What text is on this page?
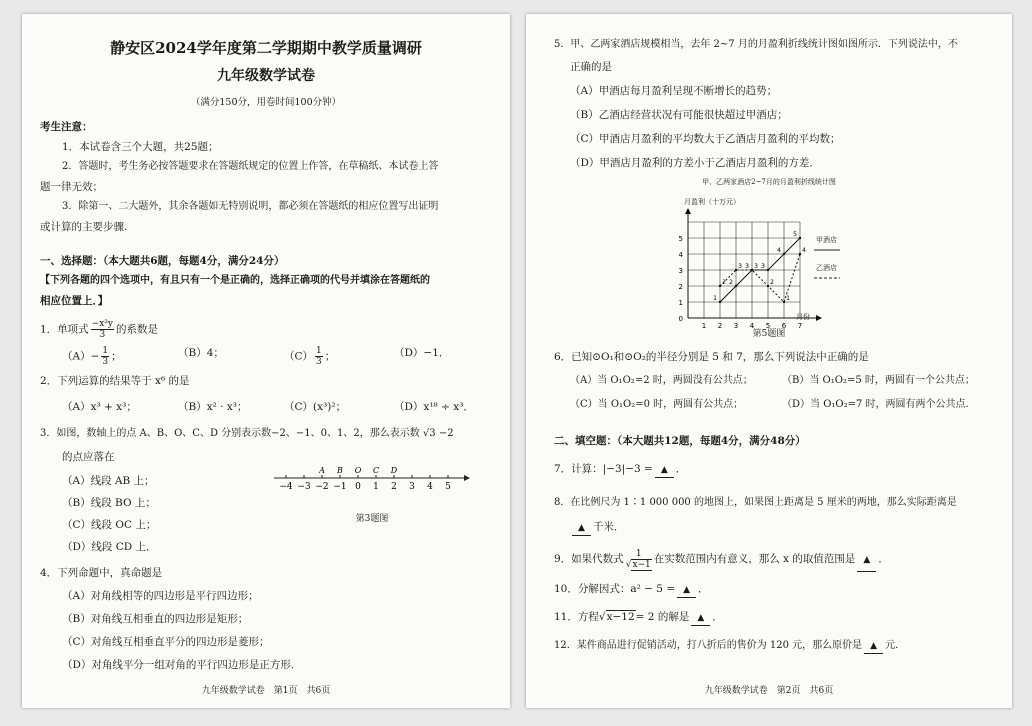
静安区2024学年度第二学期期中教学质量调研
九年级数学试卷
（满分150分，用卷时间100分钟）
考生注意：
1．本试卷含三个大题，共25题；
2．答题时，考生务必按答题要求在答题纸规定的位置上作答，在草稿纸、本试卷上答
题一律无效；
3．除第一、二大题外，其余各题如无特别说明，都必须在答题纸的相应位置写出证明
或计算的主要步骤.
一、选择题：（本大题共6题，每题4分，满分24分）
【下列各题的四个选项中，有且只有一个是正确的，选择正确项的代号并填涂在答题纸的
相应位置上．】
1．单项式 $\frac{\text{−x²y}}{3}$ 的系数是
$(A)- \frac{1}{3}$ ；	（B）4；	$(C) \frac{1}{3}$ ；	（D）−1．
2．下列运算的结果等于 x⁶ 的是
（A）x³ + x³；	（B）x² · x³；	（C）(x³)²；	（D）x¹⁸ ÷ x³．
3．如图，数轴上的点 A、B、O、C、D 分别表示数−2、−1、0、1、2，那么表示数 √3 −2
的点应落在
（A）线段 AB 上；
（B）线段 BO 上；
（C）线段 OC 上；
（D）线段 CD 上．
−4 −3 −2 −1 0 1 2 3 4 5
A B O C D
第3题图
4．下列命题中，真命题是
（A）对角线相等的四边形是平行四边形；
（B）对角线互相垂直的四边形是矩形；
（C）对角线互相垂直平分的四边形是菱形；
（D）对角线平分一组对角的平行四边形是正方形．
九年级数学试卷　第1页　共6页
5．甲、乙两家酒店规模相当，去年 2~7 月的月盈利折线统计图如图所示．下列说法中，不
正确的是
（A）甲酒店每月盈利呈现不断增长的趋势；
（B）乙酒店经营状况有可能很快超过甲酒店；
（C）甲酒店月盈利的平均数大于乙酒店月盈利的平均数；
（D）甲酒店月盈利的方差小于乙酒店月盈利的方差．
甲、乙两家酒店2~7月的月盈利折线统计图
月盈利（十万元）
月份
1
2
3
4
5
0
1 2 3 4 5 6 7
1
2
3 3
4
5
2
3 3
2
1
4
甲酒店
乙酒店
第5题图
6．已知⊙O₁和⊙O₂的半径分别是 5 和 7，那么下列说法中正确的是
（A）当 O₁O₂=2 时，两圆没有公共点；	（B）当 O₁O₂=5 时，两圆有一个公共点；
（C）当 O₁O₂=0 时，两圆有公共点；	（D）当 O₁O₂=7 时，两圆有两个公共点．
二、填空题：（本大题共12题，每题4分，满分48分）
7．计算：|−3|−3 = ▲ ．
8．在比例尺为 1∶1 000 000 的地图上，如果图上距离是 5 厘米的两地，那么实际距离是
▲ 千米．
9．如果代数式 $\frac{1}{√x-1}$ 在实数范围内有意义，那么 x 的取值范围是 ▲ ．
10．分解因式：a² − 5 = ▲ ．
11．方程√x−12= 2 的解是 ▲ ．
12．某件商品进行促销活动，打八折后的售价为 120 元，那么原价是 ▲ 元．
九年级数学试卷　第2页　共6页
